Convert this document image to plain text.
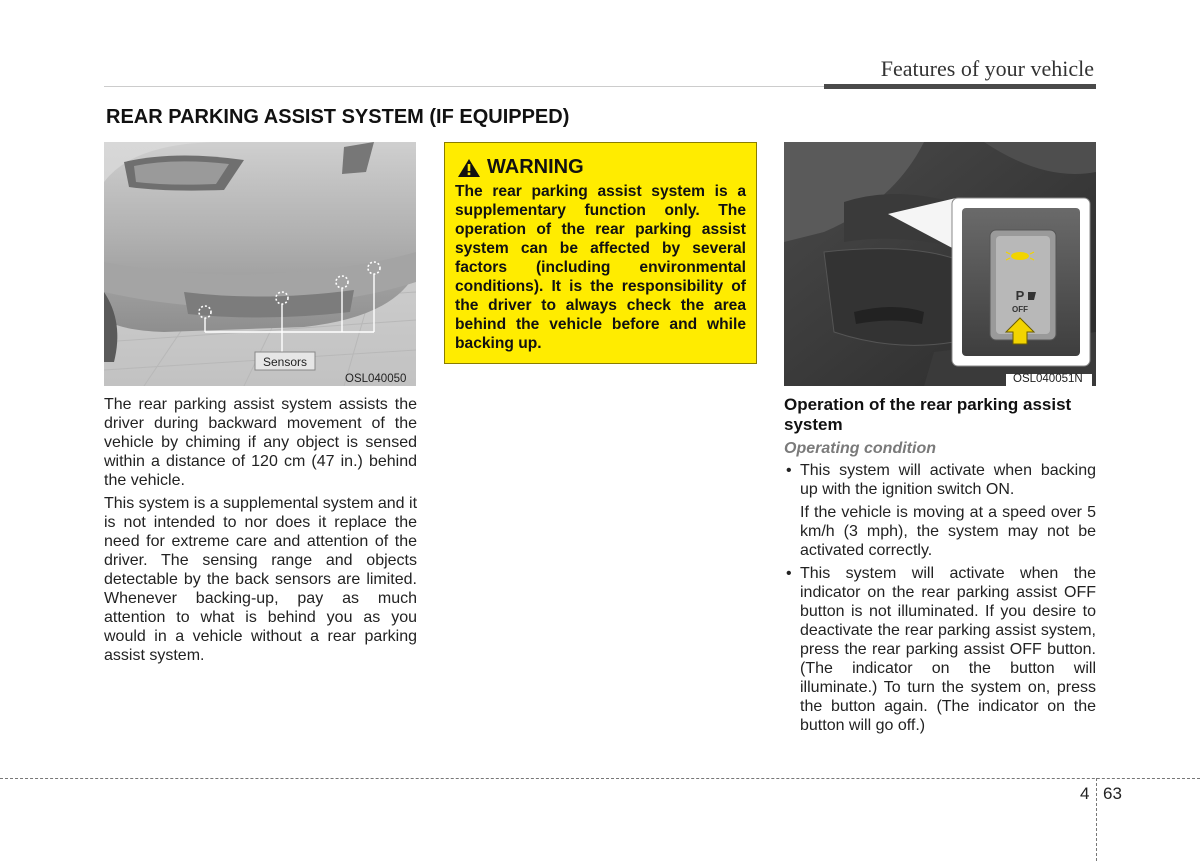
Features of your vehicle
REAR PARKING ASSIST SYSTEM (IF EQUIPPED)
Sensors
OSL040050

The rear parking assist system assists the driver during backward movement of the vehicle by chiming if any object is sensed within a distance of 120 cm (47 in.) behind the vehicle.

This system is a supplemental system and it is not intended to nor does it replace the need for extreme care and attention of the driver. The sensing range and objects detectable by the back sensors are limited. Whenever backing-up, pay as much attention to what is behind you as you would in a vehicle without a rear parking assist system.

WARNING
The rear parking assist system is a supplementary function only. The operation of the rear parking assist system can be affected by several factors (including environmental conditions). It is the responsibility of the driver to always check the area behind the vehicle before and while backing up.
P
OFF
OSL040051N
Operation of the rear parking assist system
Operating condition
• This system will activate when backing up with the ignition switch ON.

If the vehicle is moving at a speed over 5 km/h (3 mph), the system may not be activated correctly.

• This system will activate when the indicator on the rear parking assist OFF button is not illuminated. If you desire to deactivate the rear parking assist system, press the rear parking assist OFF button. (The indicator on the button will illuminate.) To turn the system on, press the button again. (The indicator on the button will go off.)

4 63
